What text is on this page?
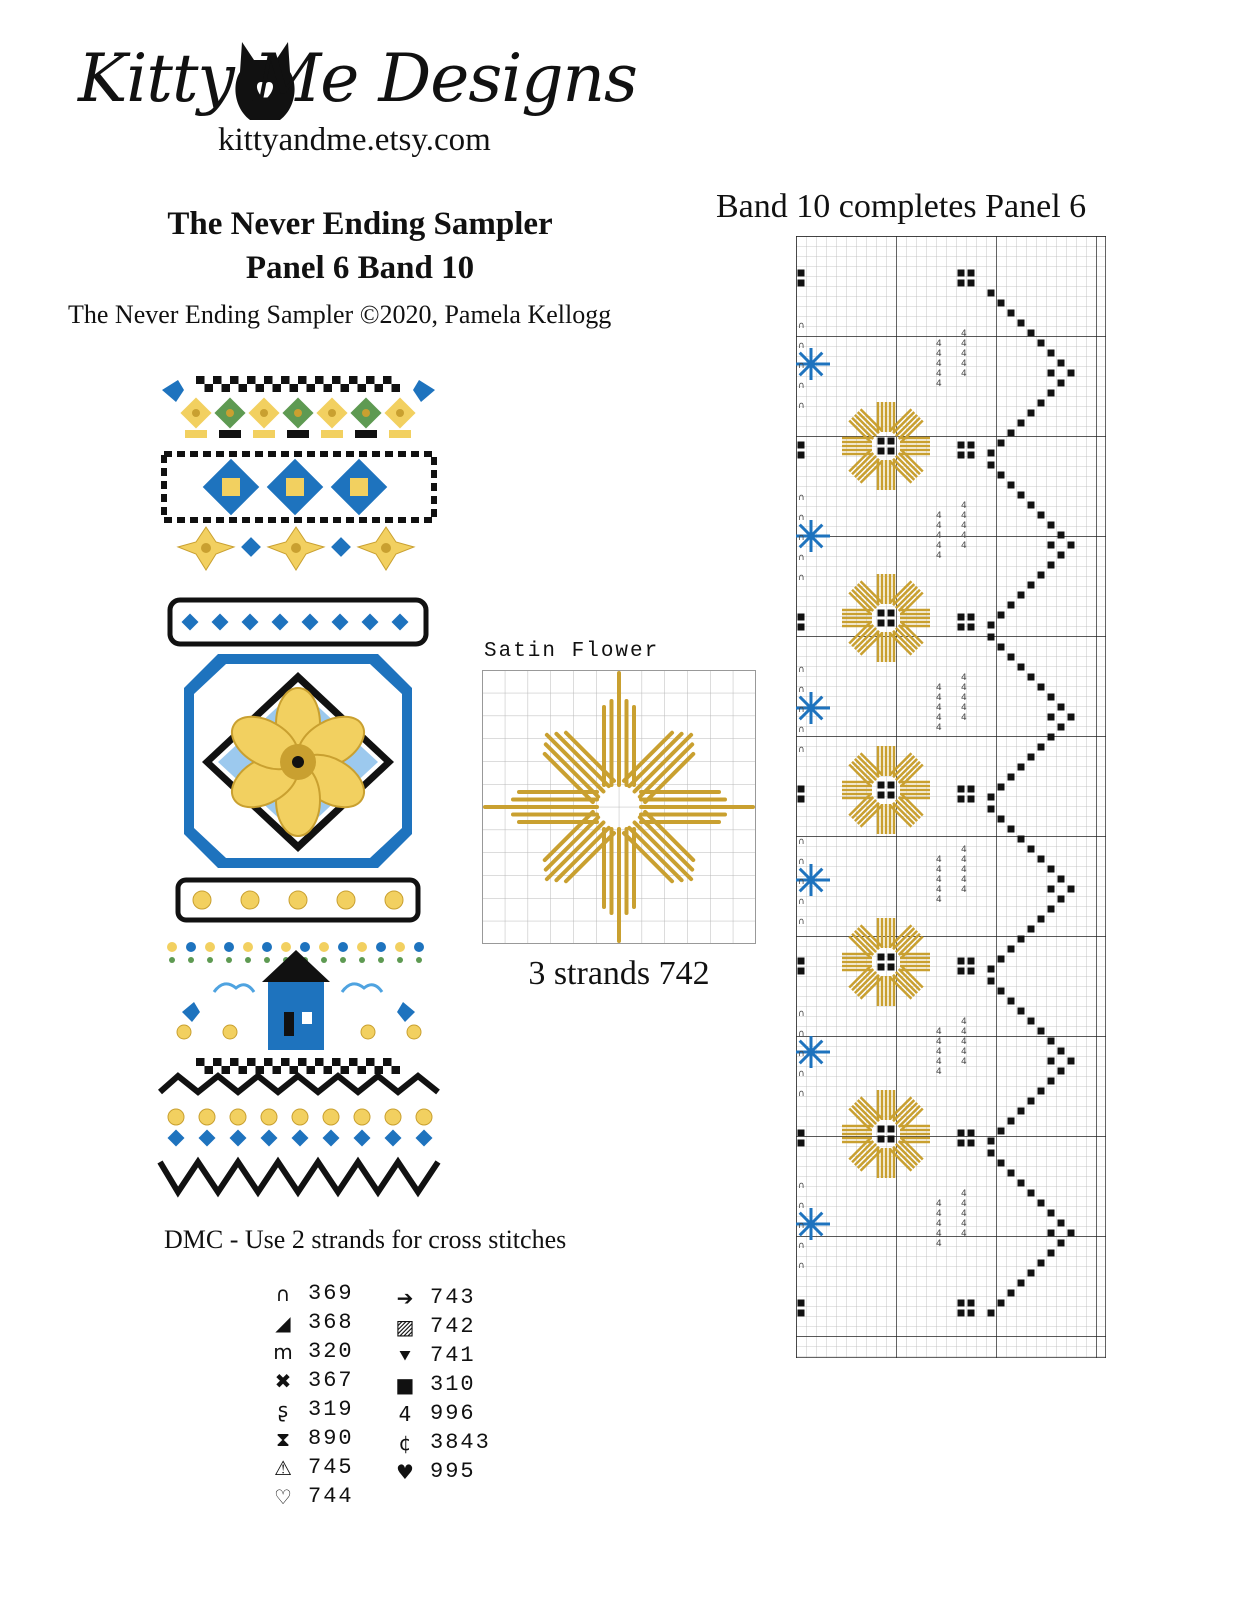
Kitty Me Designs
kittyandme.etsy.com
The Never Ending Sampler
Panel 6 Band 10
The Never Ending Sampler ©2020, Pamela Kellogg
Band 10 completes Panel 6
∩
4
4
∩
4
4
∩	4
4
∩
4
4
∩
4
4
∩
4
4
∩
4
4
∩	4
4
∩
4
4
∩
4
4
∩
4
4
∩
4
4
∩	4
4
∩
4
4
∩
4
4
∩
4
4
∩
4
4
∩	4
4
∩
4
4
∩
4
4
∩
4
4
∩
4
4
∩	4
4
∩
4
4
∩
4
4
∩
4
4
∩
4
4
∩	4
4
∩
4
4
∩
4
4
Satin Flower
3 strands 742
DMC - Use 2 strands for cross stitches
∩ 369
◢ 368
m 320
✖ 367
ʂ 319
⧗ 890
⚠ 745
♡ 744
➔ 743
▨ 742
⯆ 741
■ 310
4 996
¢ 3843
♥ 995
